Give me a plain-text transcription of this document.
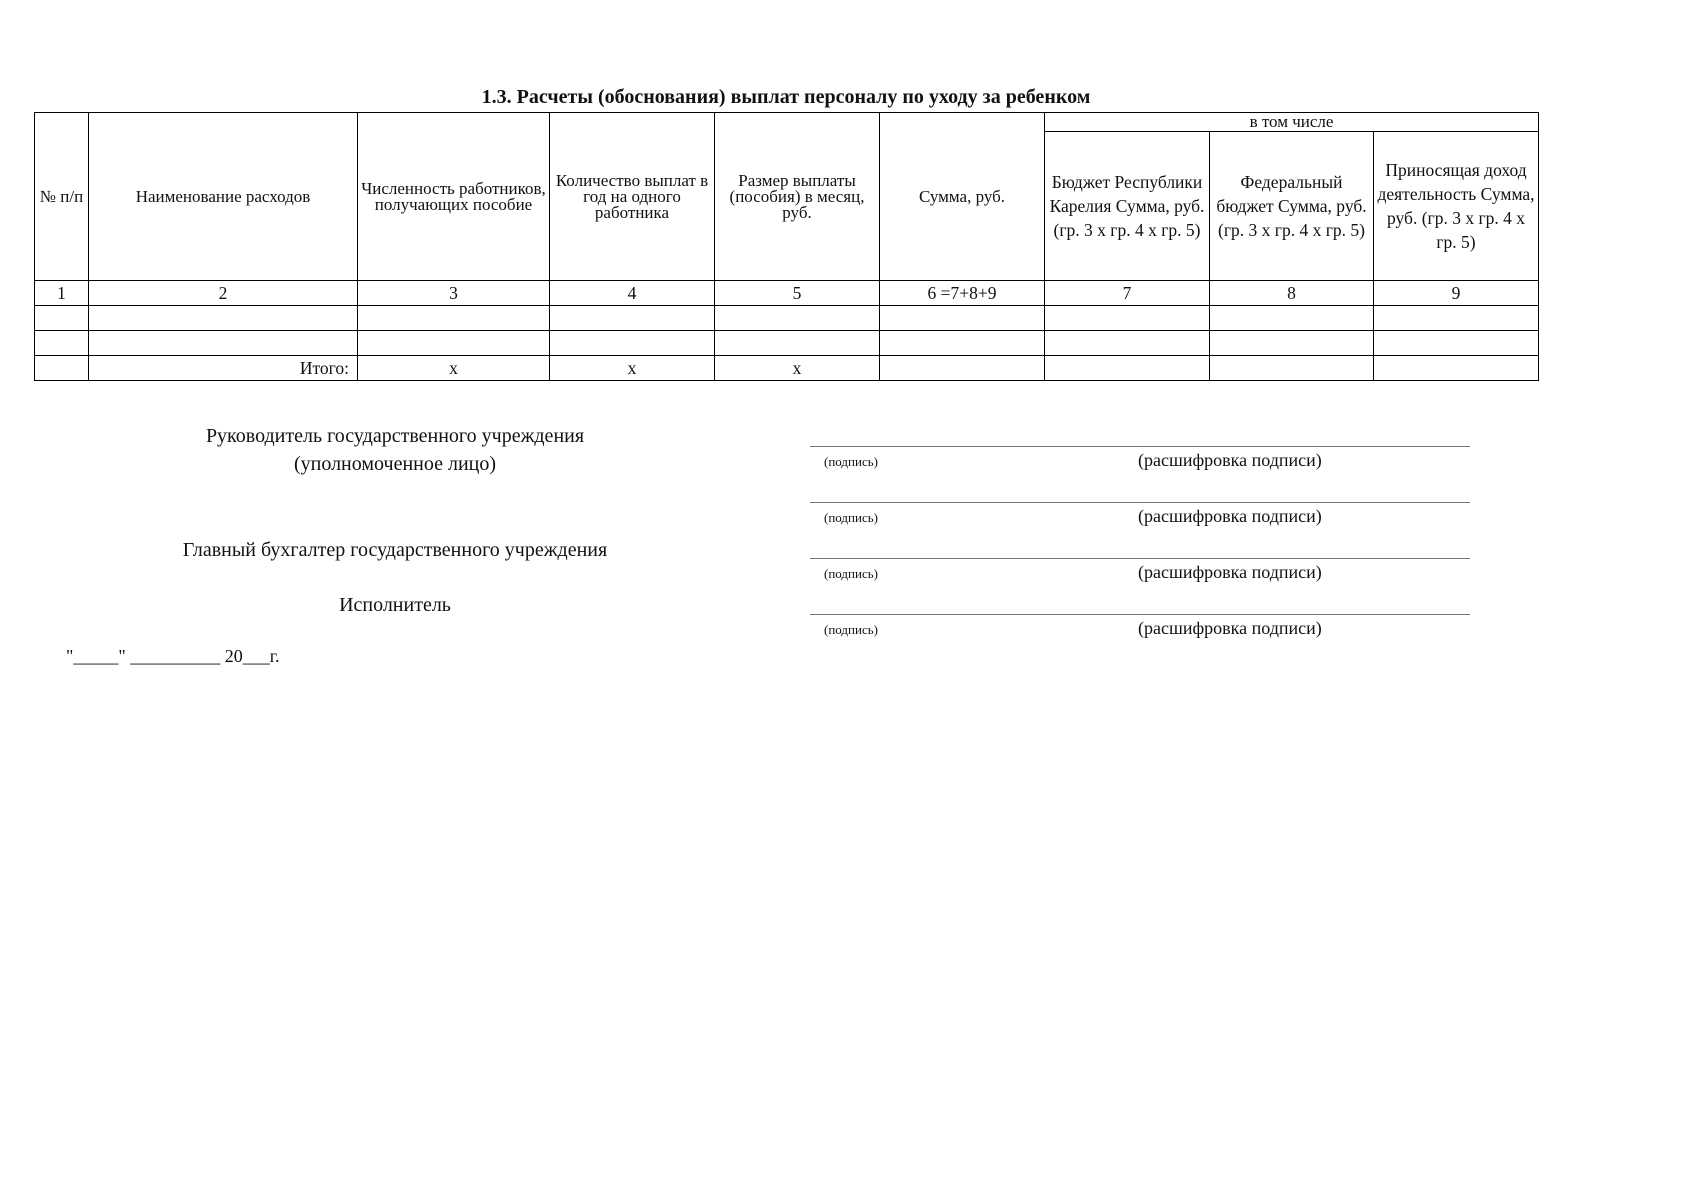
1.3. Расчеты (обоснования) выплат персоналу по уходу за ребенком
№ п/п	Наименование расходов	Численность работников, получающих пособие	Количество выплат в год на одного работника	Размер выплаты (пособия) в месяц, руб.	Сумма, руб.	в том числе		
						Бюджет Республики Карелия Сумма, руб. (гр. 3 х гр. 4 х гр. 5)	Федеральный бюджет Сумма, руб. (гр. 3 х гр. 4 х гр. 5)	Приносящая доход деятельность Сумма, руб. (гр. 3 х гр. 4 х гр. 5)
1	2	3	4	5	6 =7+8+9	7	8	9

	Итого:	х	х	х				
Руководитель государственного учреждения
(уполномоченное лицо)
Главный бухгалтер государственного учреждения
Исполнитель
(подпись)	(расшифровка подписи)
(подпись)	(расшифровка подписи)
(подпись)	(расшифровка подписи)
(подпись)	(расшифровка подписи)
"_____" __________ 20___г.
